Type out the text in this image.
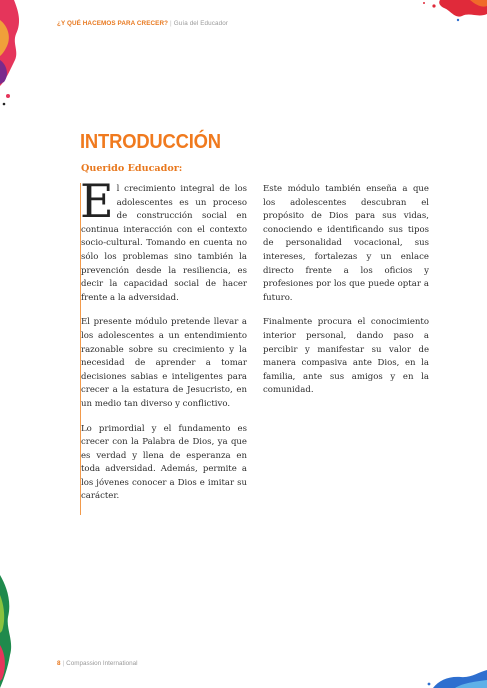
¿Y QUÉ HACEMOS PARA CRECER? | Guía del Educador
INTRODUCCIÓN
Querido Educador:

El crecimiento integral de los adolescentes es un proceso de construcción social en continua interacción con el contexto socio-cultural. Tomando en cuenta no sólo los problemas sino también la prevención desde la resiliencia, es decir la capacidad social de hacer frente a la adversidad.

El presente módulo pretende llevar a los adolescentes a un entendimiento razonable sobre su crecimiento y la necesidad de aprender a tomar decisiones sabias e inteligentes para crecer a la estatura de Jesucristo, en un medio tan diverso y conflictivo.

Lo primordial y el fundamento es crecer con la Palabra de Dios, ya que es verdad y llena de esperanza en toda adversidad. Además, permite a los jóvenes conocer a Dios e imitar su carácter.

Este módulo también enseña a que los adolescentes descubran el propósito de Dios para sus vidas, conociendo e identificando sus tipos de personalidad vocacional, sus intereses, fortalezas y un enlace directo frente a los oficios y profesiones por los que puede optar a futuro.

Finalmente procura el conocimiento interior personal, dando paso a percibir y manifestar su valor de manera compasiva ante Dios, en la familia, ante sus amigos y en la comunidad.

8 | Compassion International
